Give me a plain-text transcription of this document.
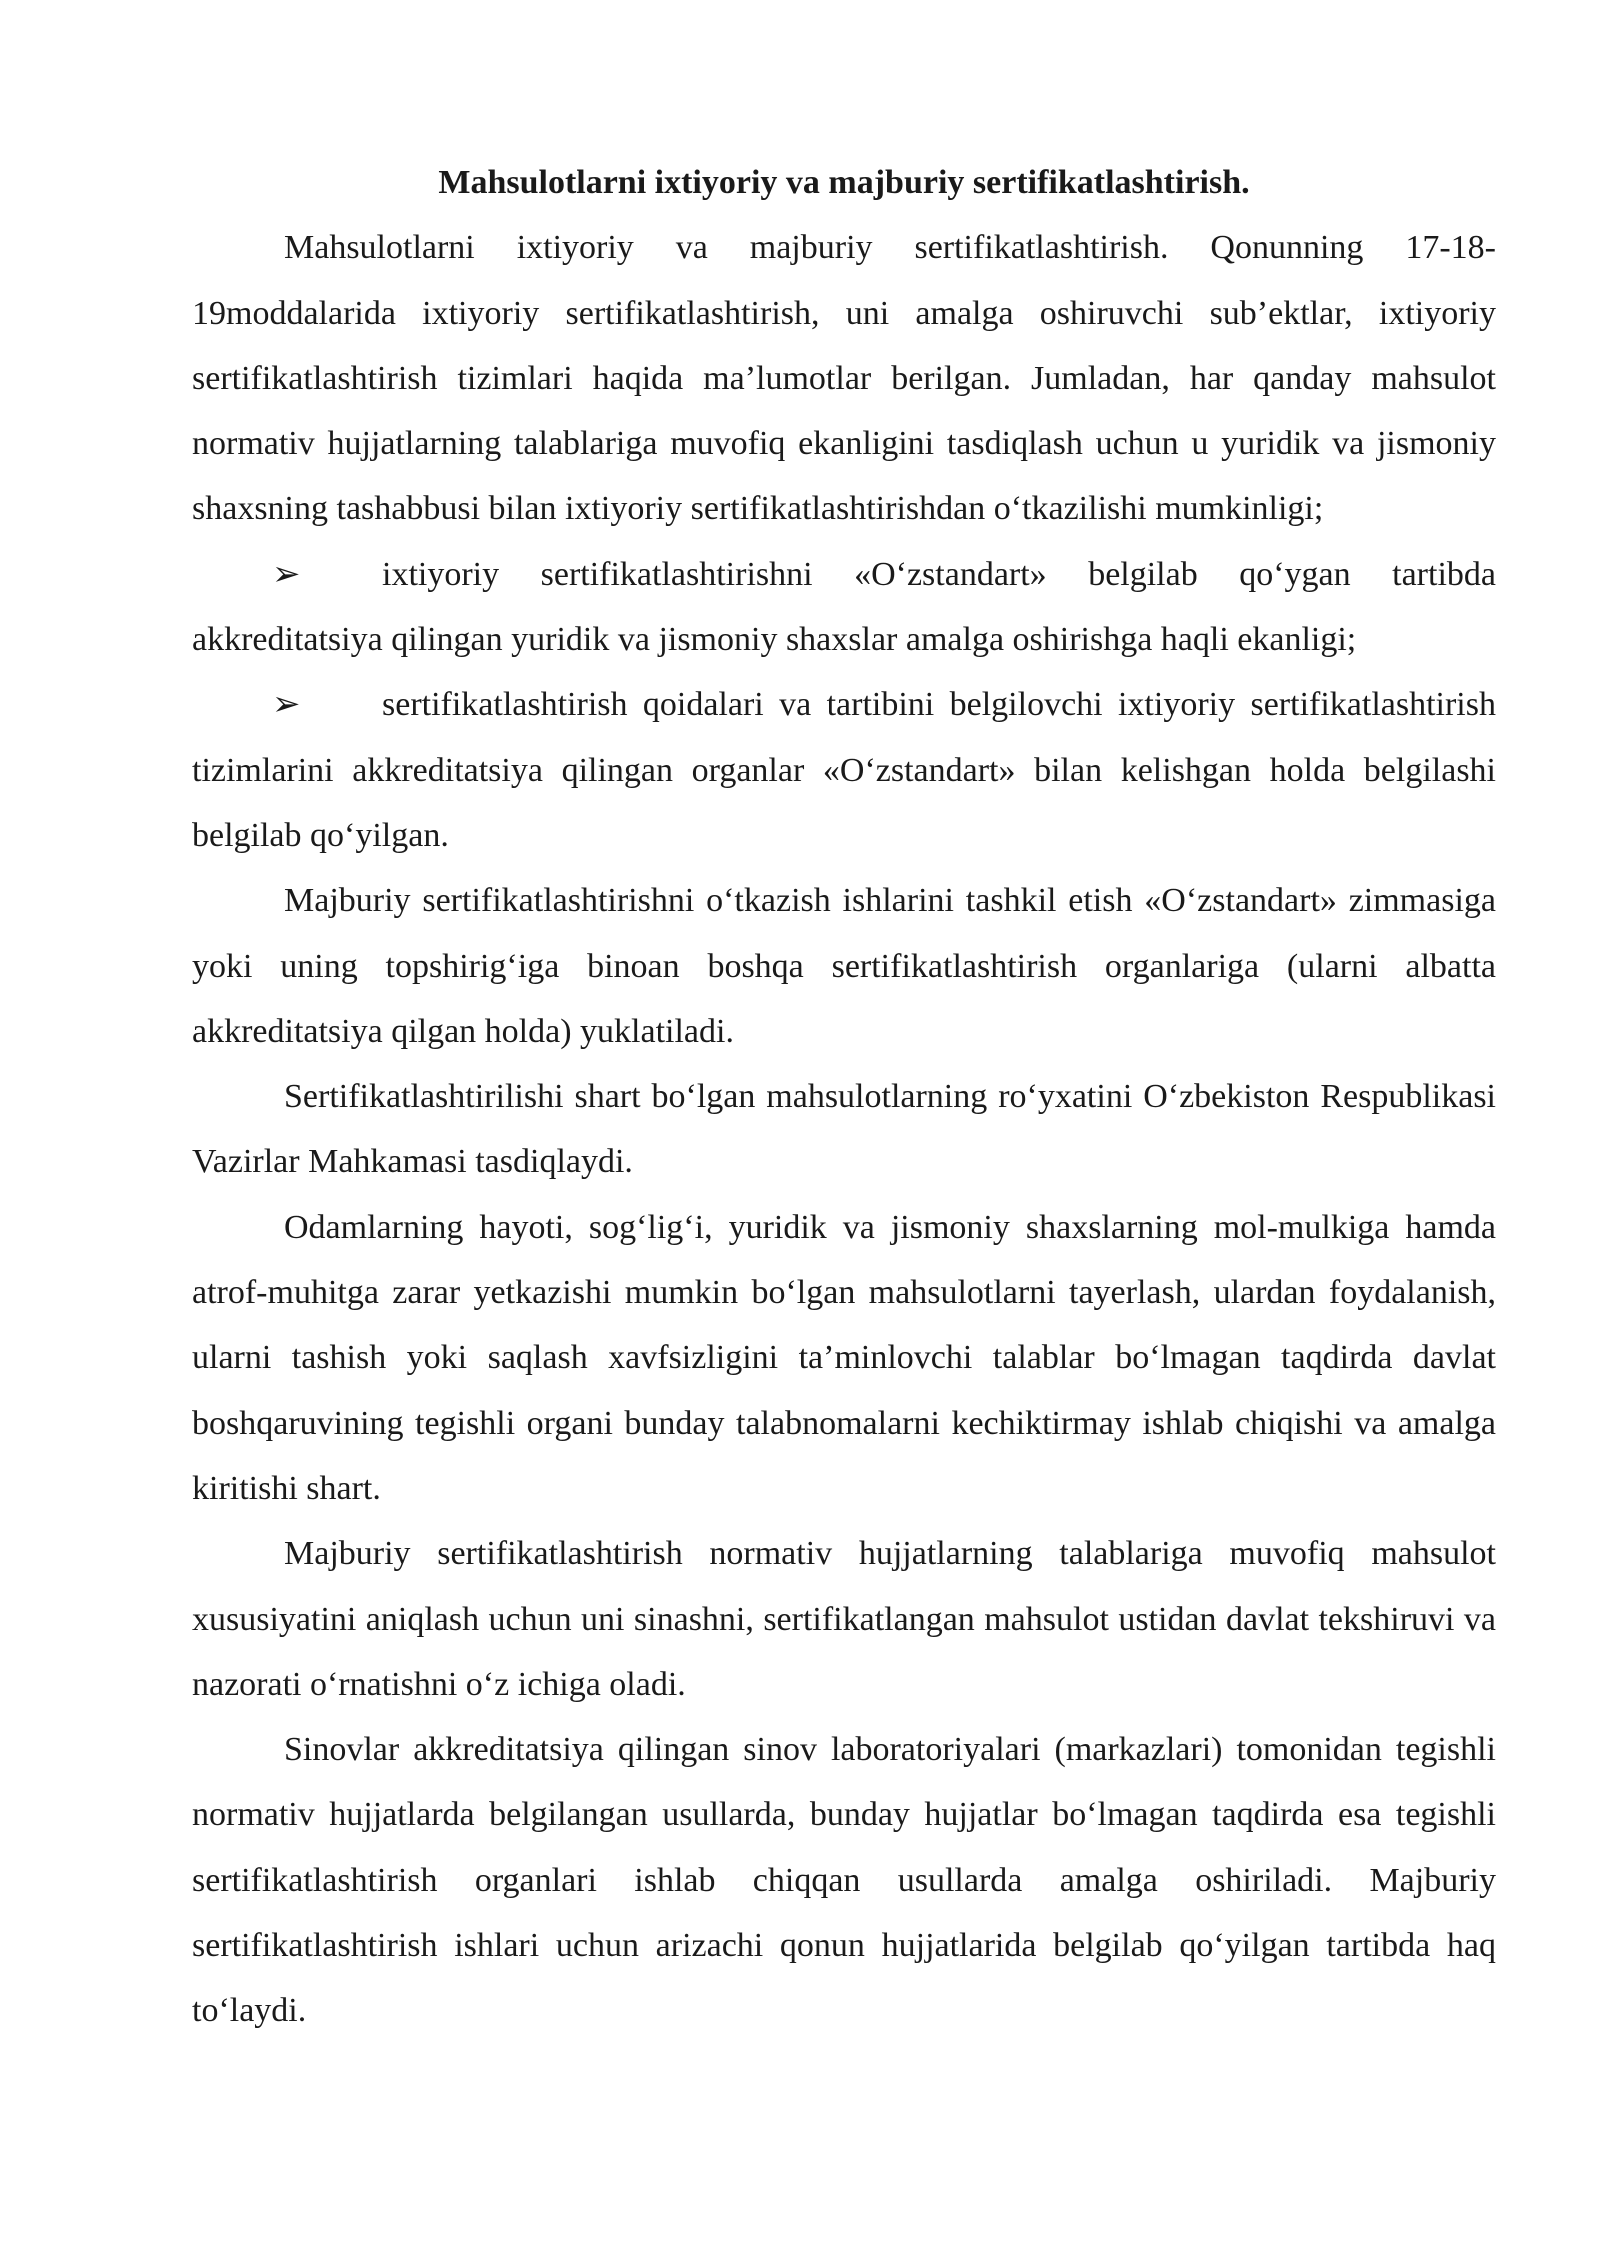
Mahsulotlarni ixtiyoriy va majburiy sertifikatlashtirish.

Mahsulotlarni ixtiyoriy va majburiy sertifikatlashtirish. Qonunning 17-18-19moddalarida ixtiyoriy sertifikatlashtirish, uni amalga oshiruvchi sub’ektlar, ixtiyoriy sertifikatlashtirish tizimlari haqida ma’lumotlar berilgan. Jumladan, har qanday mahsulot normativ hujjatlarning talablariga muvofiq ekanligini tasdiqlash uchun u yuridik va jismoniy shaxsning tashabbusi bilan ixtiyoriy sertifikatlashtirishdan oʻtkazilishi mumkinligi;

➢ ixtiyoriy sertifikatlashtirishni «Oʻzstandart» belgilab qoʻygan tartibda akkreditatsiya qilingan yuridik va jismoniy shaxslar amalga oshirishga haqli ekanligi;

➢ sertifikatlashtirish qoidalari va tartibini belgilovchi ixtiyoriy sertifikatlashtirish tizimlarini akkreditatsiya qilingan organlar «Oʻzstandart» bilan kelishgan holda belgilashi belgilab qoʻyilgan.

Majburiy sertifikatlashtirishni oʻtkazish ishlarini tashkil etish «Oʻzstandart» zimmasiga yoki uning topshirigʻiga binoan boshqa sertifikatlashtirish organlariga (ularni albatta akkreditatsiya qilgan holda) yuklatiladi.

Sertifikatlashtirilishi shart boʻlgan mahsulotlarning roʻyxatini Oʻzbekiston Respublikasi Vazirlar Mahkamasi tasdiqlaydi.

Odamlarning hayoti, sogʻligʻi, yuridik va jismoniy shaxslarning mol-mulkiga hamda atrof-muhitga zarar yetkazishi mumkin boʻlgan mahsulotlarni tayerlash, ulardan foydalanish, ularni tashish yoki saqlash xavfsizligini ta’minlovchi talablar boʻlmagan taqdirda davlat boshqaruvining tegishli organi bunday talabnomalarni kechiktirmay ishlab chiqishi va amalga kiritishi shart.

Majburiy sertifikatlashtirish normativ hujjatlarning talablariga muvofiq mahsulot xususiyatini aniqlash uchun uni sinashni, sertifikatlangan mahsulot ustidan davlat tekshiruvi va nazorati oʻrnatishni oʻz ichiga oladi.

Sinovlar akkreditatsiya qilingan sinov laboratoriyalari (markazlari) tomonidan tegishli normativ hujjatlarda belgilangan usullarda, bunday hujjatlar boʻlmagan taqdirda esa tegishli sertifikatlashtirish organlari ishlab chiqqan usullarda amalga oshiriladi. Majburiy sertifikatlashtirish ishlari uchun arizachi qonun hujjatlarida belgilab qoʻyilgan tartibda haq toʻlaydi.
